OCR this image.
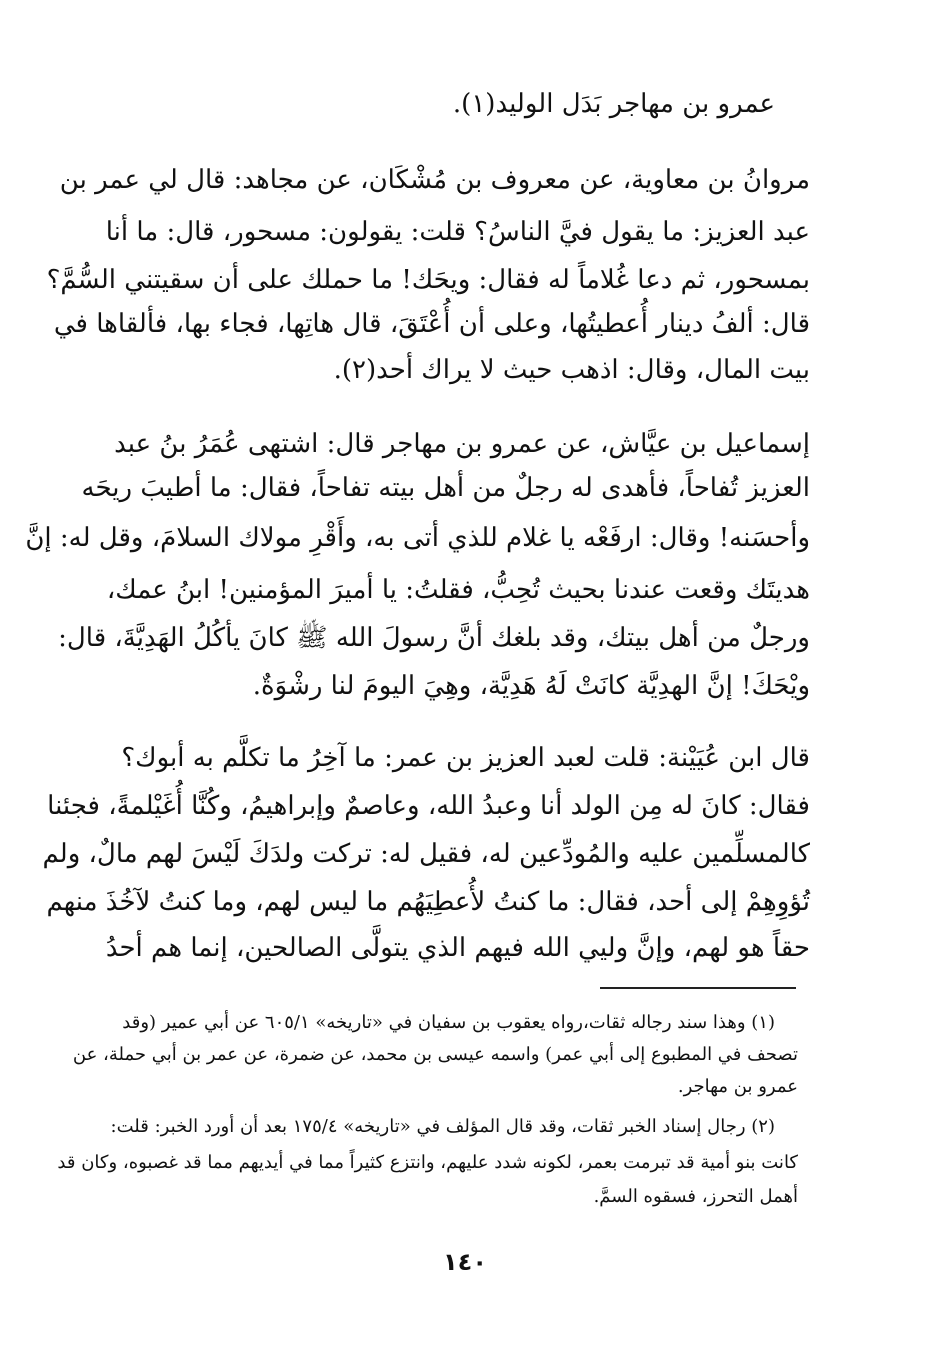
عمرو بن مهاجر بَدَل الوليد(١).
مروانُ بن معاوية، عن معروف بن مُشْكَان، عن مجاهد: قال لي عمر بن
عبد العزيز: ما يقول فيَّ الناسُ؟ قلت: يقولون: مسحور، قال: ما أنا
بمسحور، ثم دعا غُلاماً له فقال: ويحَك! ما حملك على أن سقيتني السُّمَّ؟
قال: ألفُ دينار أُعطيتُها، وعلى أن أُعْتَقَ، قال هاتِها، فجاء بها، فألقاها في
بيت المال، وقال: اذهب حيث لا يراك أحد(٢).
إسماعيل بن عيَّاش، عن عمرو بن مهاجر قال: اشتهى عُمَرُ بنُ عبد
العزيز تُفاحاً، فأهدى له رجلٌ من أهل بيته تفاحاً، فقال: ما أطيبَ ريحَه
وأحسَنه! وقال: ارفَعْه يا غلام للذي أتى به، وأَقْرِ مولاك السلامَ، وقل له: إنَّ
هديتَك وقعت عندنا بحيث تُحِبُّ، فقلتُ: يا أميرَ المؤمنين! ابنُ عمك،
ورجلٌ من أهل بيتك، وقد بلغك أنَّ رسولَ الله ﷺ كانَ يأكُلُ الهَدِيَّةَ، قال:
ويْحَكَ! إنَّ الهدِيَّة كانَتْ لَهُ هَدِيَّة، وهِيَ اليومَ لنا رشْوَةٌ.
قال ابن عُيَيْنة: قلت لعبد العزيز بن عمر: ما آخِرُ ما تكلَّم به أبوك؟
فقال: كانَ له مِن الولد أنا وعبدُ الله، وعاصمٌ وإبراهيمُ، وكُنَّا أُغَيْلمةً، فجئنا
كالمسلِّمين عليه والمُودِّعين له، فقيل له: تركت ولدَكَ لَيْسَ لهم مالٌ، ولم
تُؤوِهِمْ إلى أحد، فقال: ما كنتُ لأُعطِيَهُم ما ليس لهم، وما كنتُ لآخُذَ منهم
حقاً هو لهم، وإنَّ وليي الله فيهم الذي يتولَّى الصالحين، إنما هم أحدُ
(١) وهذا سند رجاله ثقات،رواه يعقوب بن سفيان في «تاريخه» ٦٠٥/١ عن أبي عمير (وقد
تصحف في المطبوع إلى أبي عمر) واسمه عيسى بن محمد، عن ضمرة، عن عمر بن أبي حملة، عن
عمرو بن مهاجر.
(٢) رجال إسناد الخبر ثقات، وقد قال المؤلف في «تاريخه» ١٧٥/٤ بعد أن أورد الخبر: قلت:
كانت بنو أمية قد تبرمت بعمر، لكونه شدد عليهم، وانتزع كثيراً مما في أيديهم مما قد غصبوه، وكان قد
أهمل التحرز، فسقوه السمَّ.
١٤٠
